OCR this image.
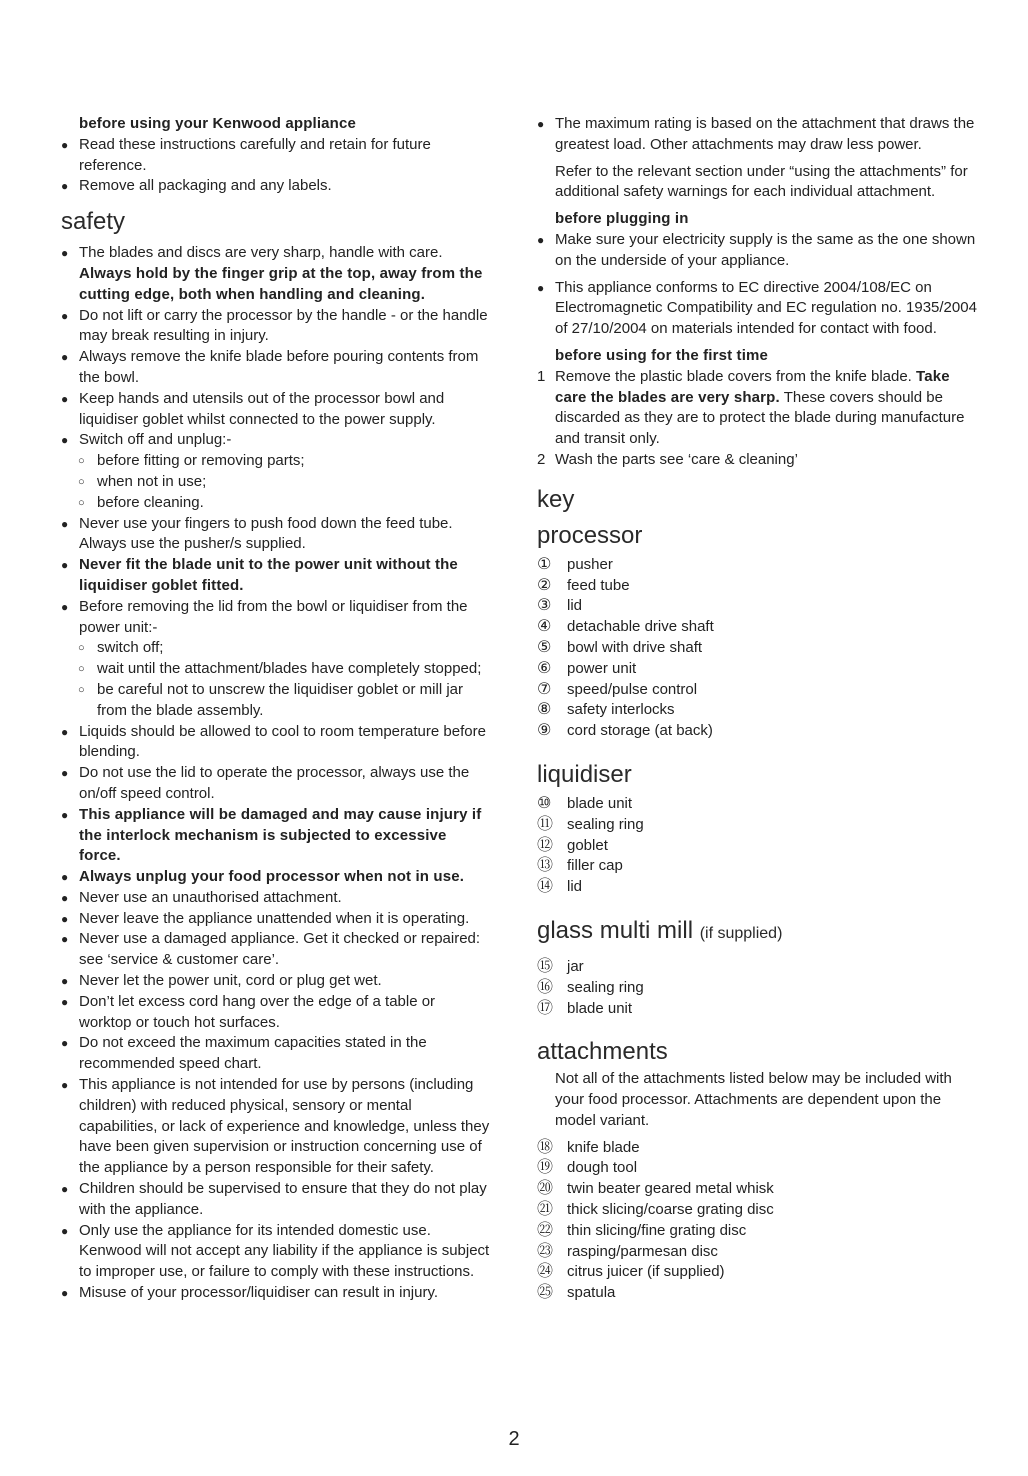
before using your Kenwood appliance
● Read these instructions carefully and retain for future reference.
● Remove all packaging and any labels.
safety
● The blades and discs are very sharp, handle with care.
Always hold by the finger grip at the top, away from the cutting edge, both when handling and cleaning.
● Do not lift or carry the processor by the handle - or the handle may break resulting in injury.
● Always remove the knife blade before pouring contents from the bowl.
● Keep hands and utensils out of the processor bowl and liquidiser goblet whilst connected to the power supply.
● Switch off and unplug:-
○ before fitting or removing parts;
○ when not in use;
○ before cleaning.
● Never use your fingers to push food down the feed tube. Always use the pusher/s supplied.
● Never fit the blade unit to the power unit without the liquidiser goblet fitted.
● Before removing the lid from the bowl or liquidiser from the power unit:-
○ switch off;
○ wait until the attachment/blades have completely stopped;
○ be careful not to unscrew the liquidiser goblet or mill jar from the blade assembly.
● Liquids should be allowed to cool to room temperature before blending.
● Do not use the lid to operate the processor, always use the on/off speed control.
● This appliance will be damaged and may cause injury if the interlock mechanism is subjected to excessive force.
● Always unplug your food processor when not in use.
● Never use an unauthorised attachment.
● Never leave the appliance unattended when it is operating.
● Never use a damaged appliance. Get it checked or repaired: see ‘service & customer care’.
● Never let the power unit, cord or plug get wet.
● Don’t let excess cord hang over the edge of a table or worktop or touch hot surfaces.
● Do not exceed the maximum capacities stated in the recommended speed chart.
● This appliance is not intended for use by persons (including children) with reduced physical, sensory or mental capabilities, or lack of experience and knowledge, unless they have been given supervision or instruction concerning use of the appliance by a person responsible for their safety.
● Children should be supervised to ensure that they do not play with the appliance.
● Only use the appliance for its intended domestic use. Kenwood will not accept any liability if the appliance is subject to improper use, or failure to comply with these instructions.
● Misuse of your processor/liquidiser can result in injury.
● The maximum rating is based on the attachment that draws the greatest load. Other attachments may draw less power.
Refer to the relevant section under “using the attachments” for additional safety warnings for each individual attachment.
before plugging in
● Make sure your electricity supply is the same as the one shown on the underside of your appliance.
● This appliance conforms to EC directive 2004/108/EC on Electromagnetic Compatibility and EC regulation no. 1935/2004 of 27/10/2004 on materials intended for contact with food.
before using for the first time
1 Remove the plastic blade covers from the knife blade. Take care the blades are very sharp. These covers should be discarded as they are to protect the blade during manufacture and transit only.
2 Wash the parts see ‘care & cleaning’
key
processor
① pusher
② feed tube
③ lid
④ detachable drive shaft
⑤ bowl with drive shaft
⑥ power unit
⑦ speed/pulse control
⑧ safety interlocks
⑨ cord storage (at back)
liquidiser
⑩ blade unit
⑪ sealing ring
⑫ goblet
⑬ filler cap
⑭ lid
glass multi mill (if supplied)
⑮ jar
⑯ sealing ring
⑰ blade unit
attachments
Not all of the attachments listed below may be included with your food processor. Attachments are dependent upon the model variant.
⑱ knife blade
⑲ dough tool
⑳ twin beater geared metal whisk
㉑ thick slicing/coarse grating disc
㉒ thin slicing/fine grating disc
㉓ rasping/parmesan disc
㉔ citrus juicer (if supplied)
㉕ spatula
2
